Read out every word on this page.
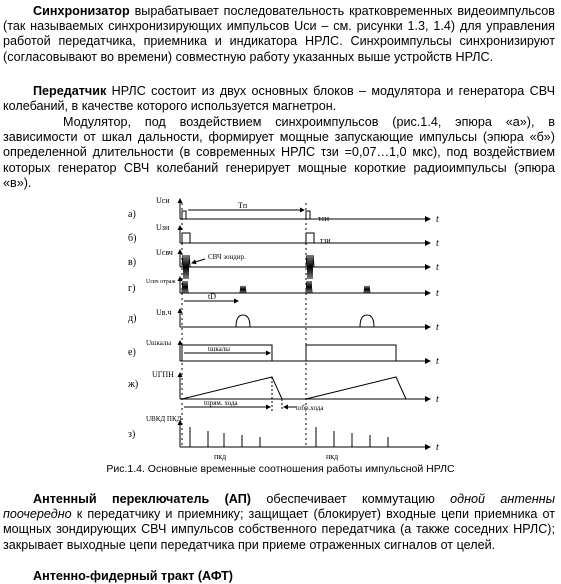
Синхронизатор вырабатывает последовательность кратковременных видеоимпульсов (так называемых синхронизирующих импульсов Uси – см. рисунки 1.3, 1.4) для управления работой передатчика, приемника и индикатора НРЛС. Синхроимпульсы синхронизируют (согласовывают во времени) совместную работу указанных выше устройств НРЛС.

Передатчик НРЛС состоит из двух основных блоков – модулятора и генератора СВЧ колебаний, в качестве которого используется магнетрон.

Модулятор, под воздействием синхроимпульсов (рис.1.4, эпюра «а»), в зависимости от шкал дальности, формирует мощные запускающие импульсы (эпюра «б») определенной длительности (в современных НРЛС τзи =0,07…1,0 мкс), под воздействием которых генератор СВЧ колебаний генерирует мощные короткие радиоимпульсы (эпюра «в»).

а)
б)
в)
г)
д)
е)
ж)
з)
t
t
t
t
t
t
t
t
Uси
Tп
τси
Uзи
τзи
Uсвч	СВЧ зондир.
Uсвч отраж
tD
Uв.ч
Uшкалы
tшкалы
UГПН
tпрям. хода
tобр.хода
UВКД ПКД
пкд	нкд
Рис.1.4. Основные временные соотношения работы импульсной НРЛС

Антенный переключатель (АП) обеспечивает коммутацию одной антенны поочередно к передатчику и приемнику; защищает (блокирует) входные цепи приемника от мощных зондирующих СВЧ импульсов собственного передатчика (а также соседних НРЛС); закрывает выходные цепи передатчика при приеме отраженных сигналов от целей.

Антенно-фидерный тракт (АФТ)
